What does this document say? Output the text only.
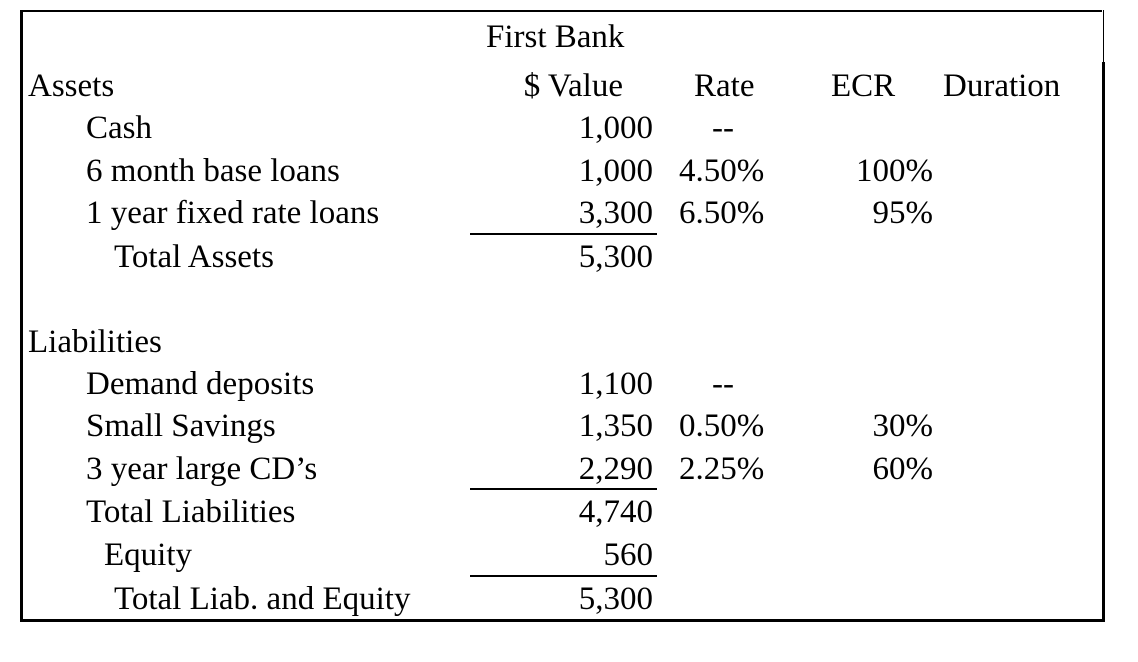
First Bank
Assets	$ Value Rate ECR Duration
Cash	1,000 --
6 month base loans	1,000 4.50%	100%
1 year fixed rate loans	3,300 6.50%	95%
Total Assets	5,300
Liabilities
Demand deposits	1,100 --
Small Savings	1,350 0.50%	30%
3 year large CD’s	2,290 2.25%	60%
Total Liabilities	4,740
Equity	560
Total Liab. and Equity	5,300
